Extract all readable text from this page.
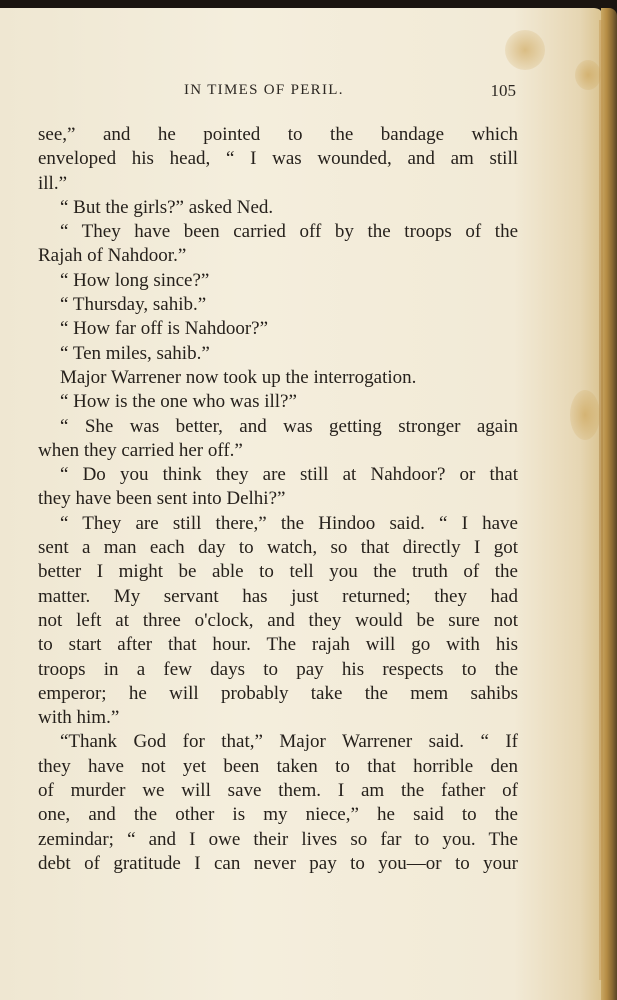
IN TIMES OF PERIL.	105
see,” and he pointed to the bandage which
enveloped his head, “ I was wounded, and am still
ill.”
“ But the girls?” asked Ned.
“ They have been carried off by the troops of the
Rajah of Nahdoor.”
“ How long since?”
“ Thursday, sahib.”
“ How far off is Nahdoor?”
“ Ten miles, sahib.”
Major Warrener now took up the interrogation.
“ How is the one who was ill?”
“ She was better, and was getting stronger again
when they carried her off.”
“ Do you think they are still at Nahdoor? or that
they have been sent into Delhi?”
“ They are still there,” the Hindoo said. “ I have
sent a man each day to watch, so that directly I got
better I might be able to tell you the truth of the
matter. My servant has just returned; they had
not left at three o'clock, and they would be sure not
to start after that hour. The rajah will go with his
troops in a few days to pay his respects to the
emperor; he will probably take the mem sahibs
with him.”
“Thank God for that,” Major Warrener said. “ If
they have not yet been taken to that horrible den
of murder we will save them. I am the father of
one, and the other is my niece,” he said to the
zemindar; “ and I owe their lives so far to you. The
debt of gratitude I can never pay to you—or to your
